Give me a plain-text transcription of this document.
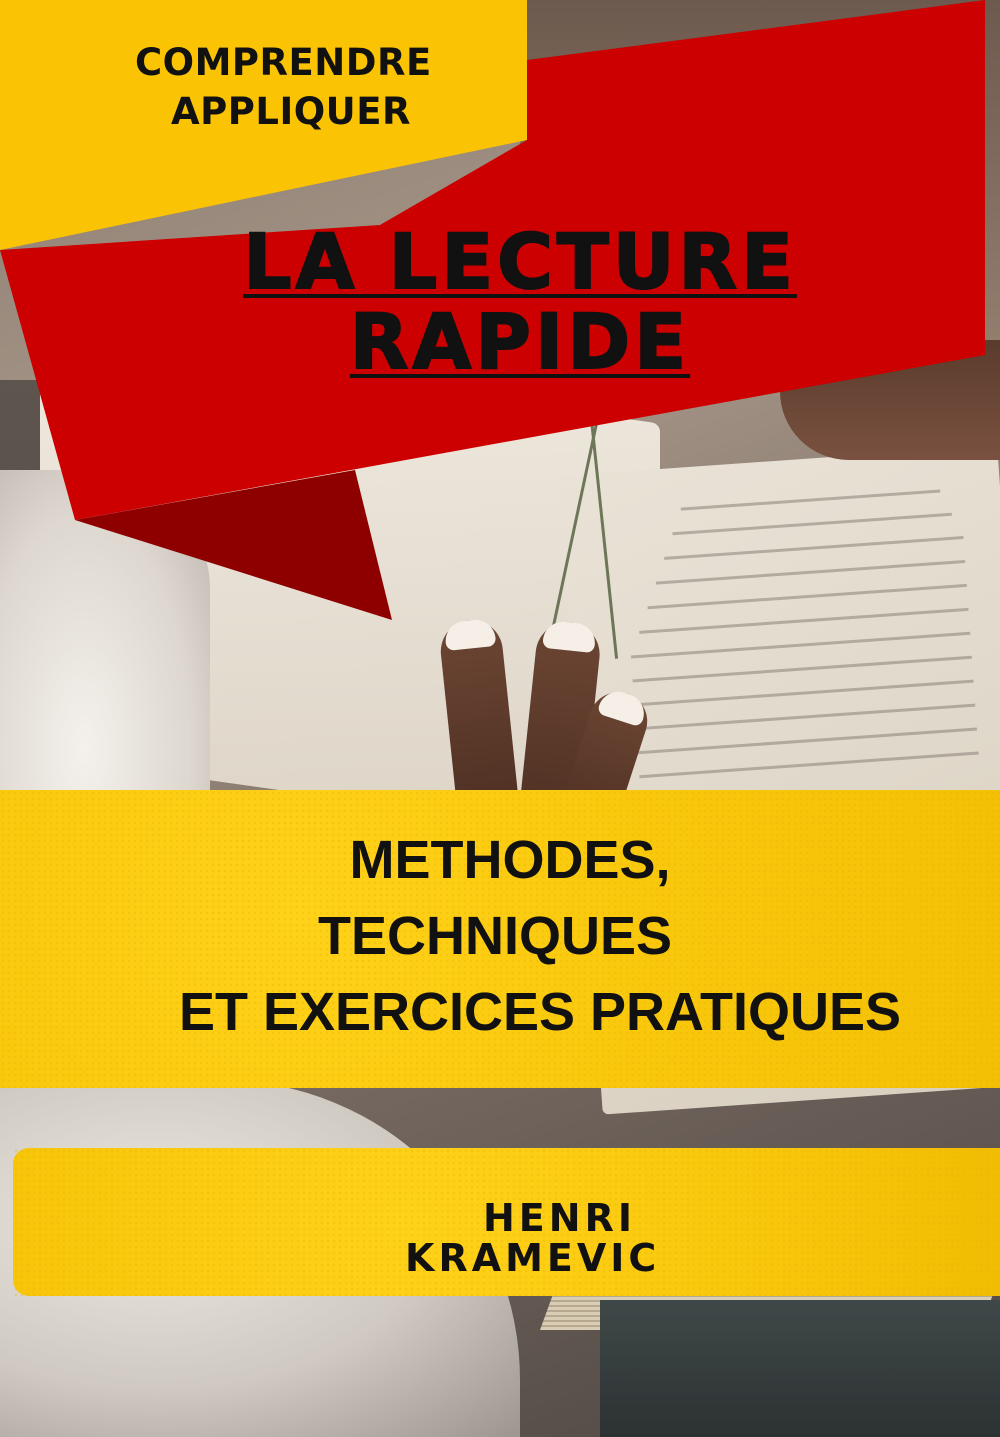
COMPRENDRE
APPLIQUER
LA LECTURE
RAPIDE
METHODES,
TECHNIQUES
ET EXERCICES PRATIQUES
HENRI
KRAMEVIC
